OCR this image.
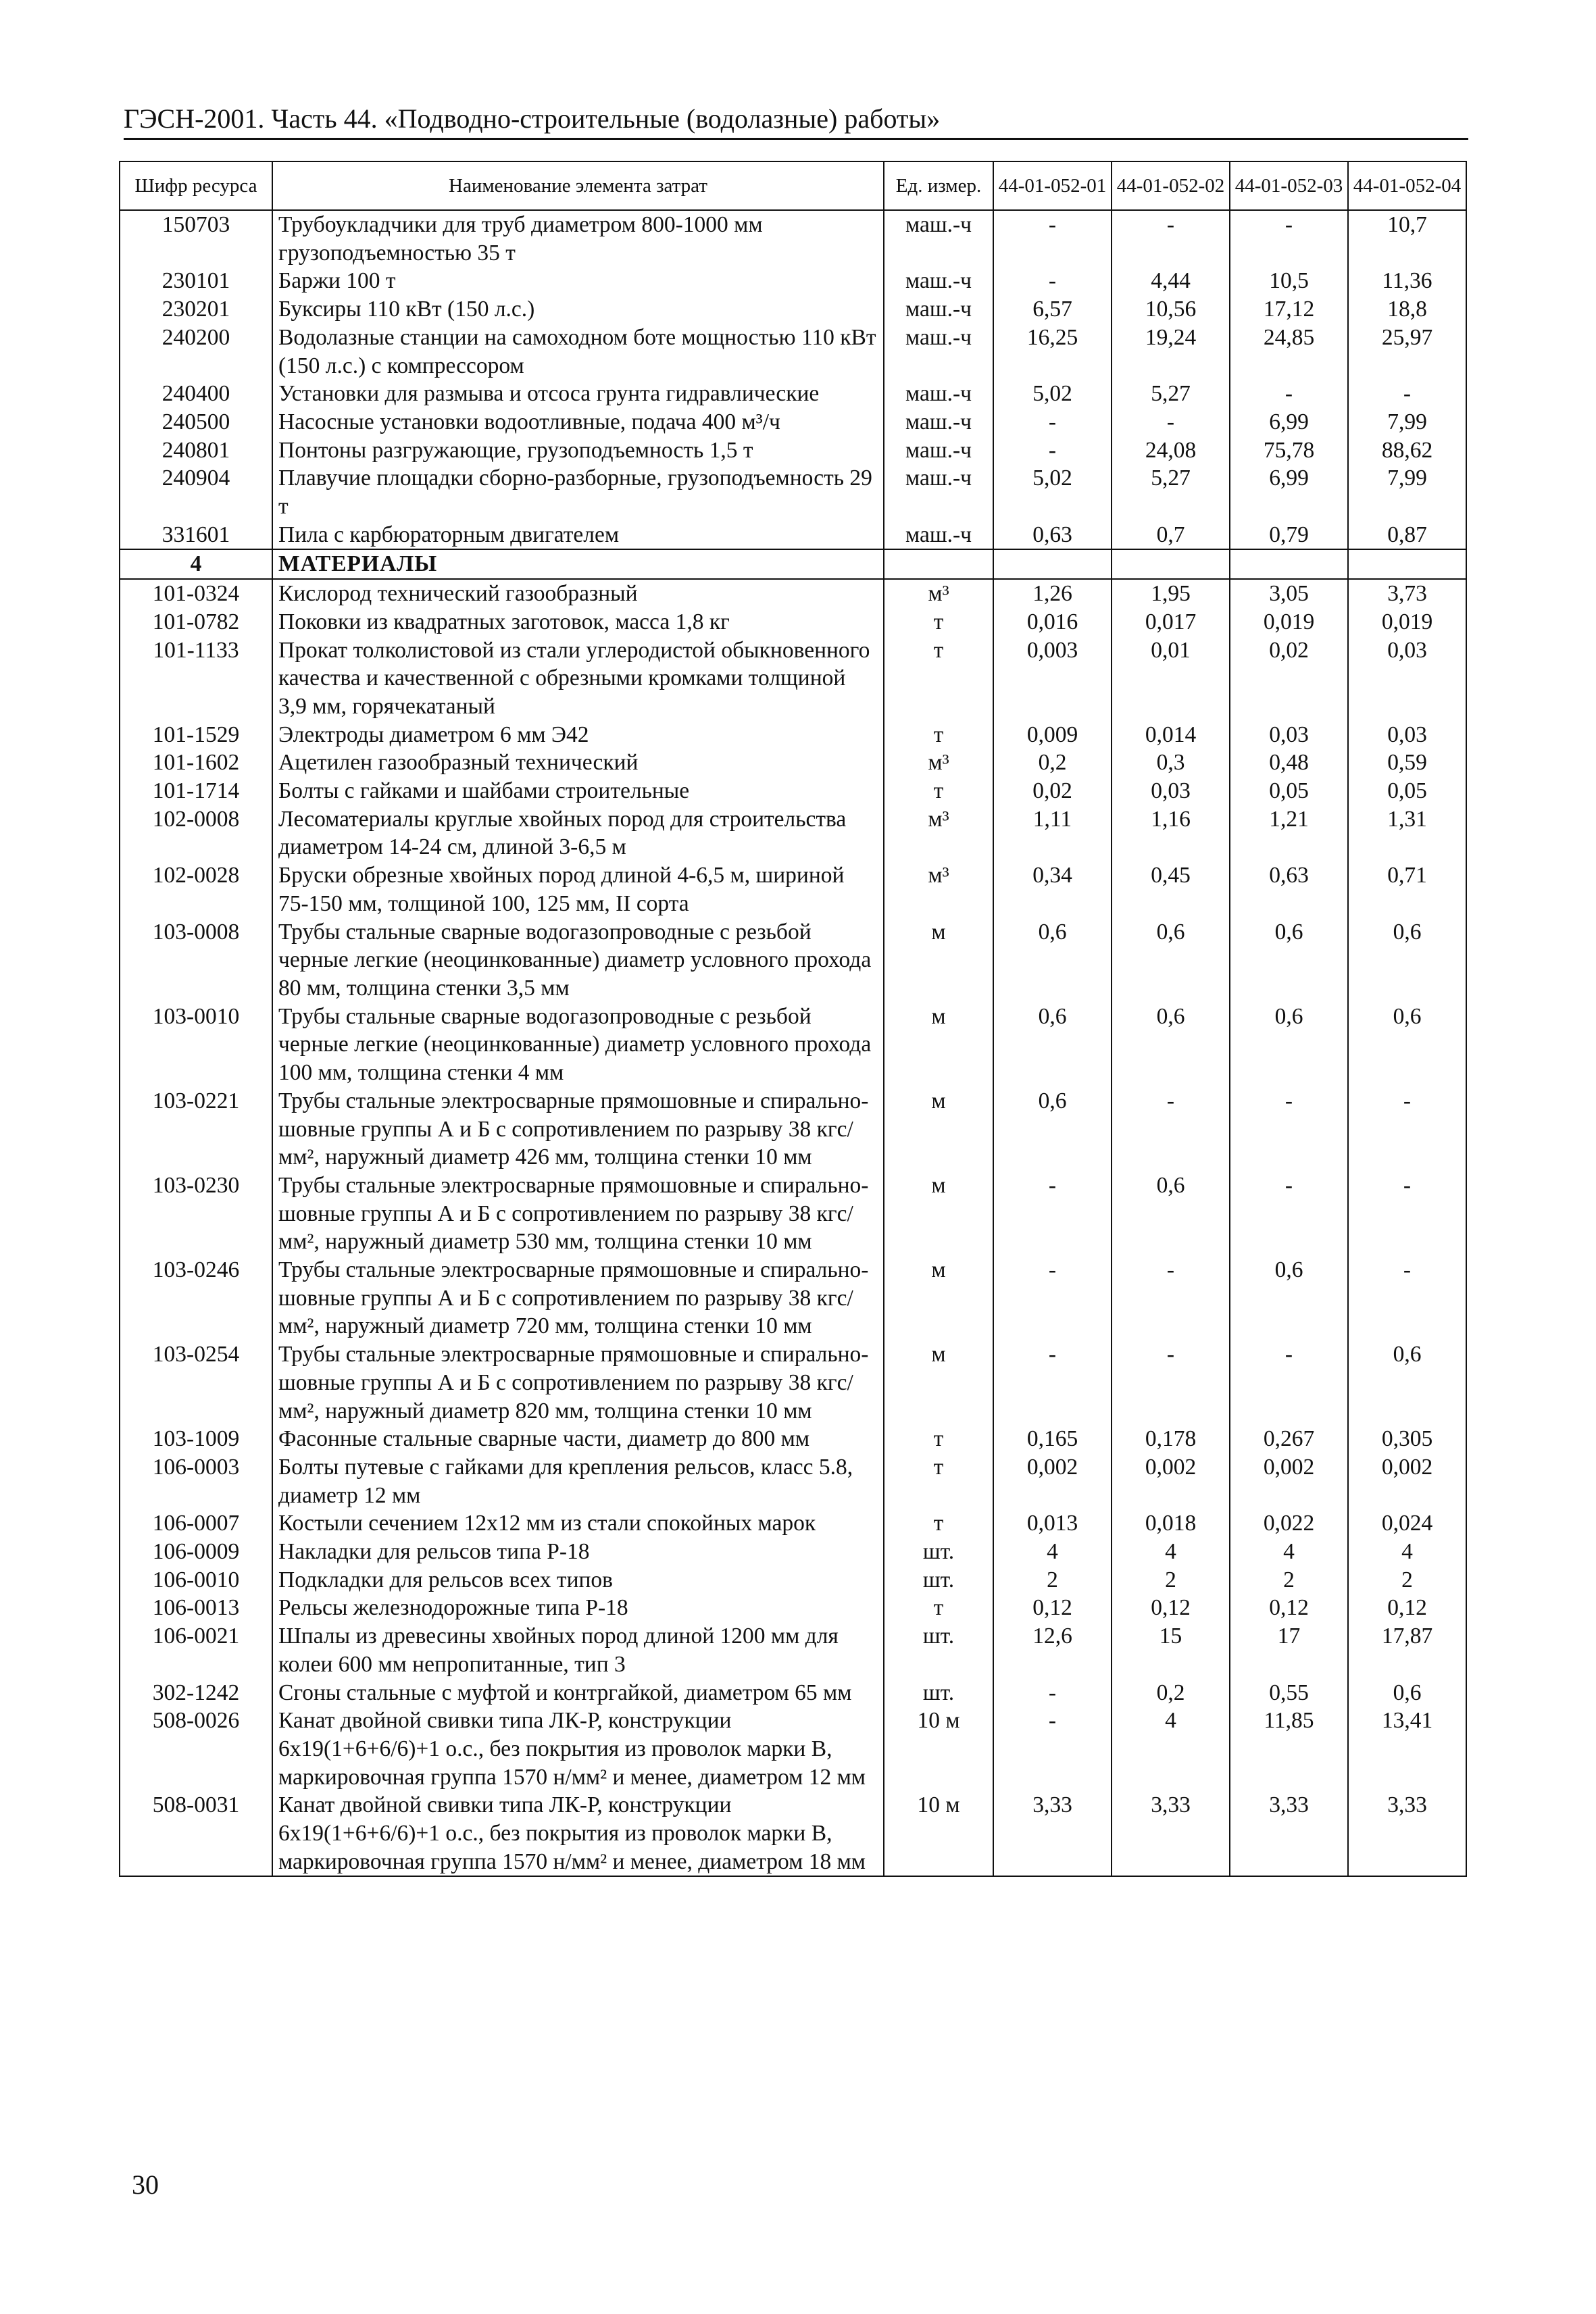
ГЭСН-2001. Часть 44. «Подводно-строительные (водолазные) работы»
Шифр ресурса	Наименование элемента затрат	Ед. измер.	44-01-052-01	44-01-052-02	44-01-052-03	44-01-052-04
150703	Трубоукладчики для труб диаметром 800-1000 мм грузоподъемностью 35 т	маш.-ч	-	-	-	10,7
230101	Баржи 100 т	маш.-ч	-	4,44	10,5	11,36
230201	Буксиры 110 кВт (150 л.с.)	маш.-ч	6,57	10,56	17,12	18,8
240200	Водолазные станции на самоходном боте мощностью 110 кВт (150 л.с.) с компрессором	маш.-ч	16,25	19,24	24,85	25,97
240400	Установки для размыва и отсоса грунта гидравлические	маш.-ч	5,02	5,27	-	-
240500	Насосные установки водоотливные, подача 400 м³/ч	маш.-ч	-	-	6,99	7,99
240801	Понтоны разгружающие, грузоподъемность 1,5 т	маш.-ч	-	24,08	75,78	88,62
240904	Плавучие площадки сборно-разборные, грузоподъемность 29 т	маш.-ч	5,02	5,27	6,99	7,99
331601	Пила с карбюраторным двигателем	маш.-ч	0,63	0,7	0,79	0,87
4	МАТЕРИАЛЫ					
101-0324	Кислород технический газообразный	м³	1,26	1,95	3,05	3,73
101-0782	Поковки из квадратных заготовок, масса 1,8 кг	т	0,016	0,017	0,019	0,019
101-1133	Прокат толколистовой из стали углеродистой обыкновенного качества и качественной с обрезными кромками толщиной 3,9 мм, горячекатаный	т	0,003	0,01	0,02	0,03
101-1529	Электроды диаметром 6 мм Э42	т	0,009	0,014	0,03	0,03
101-1602	Ацетилен газообразный технический	м³	0,2	0,3	0,48	0,59
101-1714	Болты с гайками и шайбами строительные	т	0,02	0,03	0,05	0,05
102-0008	Лесоматериалы круглые хвойных пород для строительства диаметром 14-24 см, длиной 3-6,5 м	м³	1,11	1,16	1,21	1,31
102-0028	Бруски обрезные хвойных пород длиной 4-6,5 м, шириной 75-150 мм, толщиной 100, 125 мм, II сорта	м³	0,34	0,45	0,63	0,71
103-0008	Трубы стальные сварные водогазопроводные с резьбой черные легкие (неоцинкованные) диаметр условного прохода 80 мм, толщина стенки 3,5 мм	м	0,6	0,6	0,6	0,6
103-0010	Трубы стальные сварные водогазопроводные с резьбой черные легкие (неоцинкованные) диаметр условного прохода 100 мм, толщина стенки 4 мм	м	0,6	0,6	0,6	0,6
103-0221	Трубы стальные электросварные прямошовные и спирально-шовные группы А и Б с сопротивлением по разрыву 38 кгс/мм², наружный диаметр 426 мм, толщина стенки 10 мм	м	0,6	-	-	-
103-0230	Трубы стальные электросварные прямошовные и спирально-шовные группы А и Б с сопротивлением по разрыву 38 кгс/мм², наружный диаметр 530 мм, толщина стенки 10 мм	м	-	0,6	-	-
103-0246	Трубы стальные электросварные прямошовные и спирально-шовные группы А и Б с сопротивлением по разрыву 38 кгс/мм², наружный диаметр 720 мм, толщина стенки 10 мм	м	-	-	0,6	-
103-0254	Трубы стальные электросварные прямошовные и спирально-шовные группы А и Б с сопротивлением по разрыву 38 кгс/мм², наружный диаметр 820 мм, толщина стенки 10 мм	м	-	-	-	0,6
103-1009	Фасонные стальные сварные части, диаметр до 800 мм	т	0,165	0,178	0,267	0,305
106-0003	Болты путевые с гайками для крепления рельсов, класс 5.8, диаметр 12 мм	т	0,002	0,002	0,002	0,002
106-0007	Костыли сечением 12х12 мм из стали спокойных марок	т	0,013	0,018	0,022	0,024
106-0009	Накладки для рельсов типа Р-18	шт.	4	4	4	4
106-0010	Подкладки для рельсов всех типов	шт.	2	2	2	2
106-0013	Рельсы железнодорожные типа Р-18	т	0,12	0,12	0,12	0,12
106-0021	Шпалы из древесины хвойных пород длиной 1200 мм для колеи 600 мм непропитанные, тип 3	шт.	12,6	15	17	17,87
302-1242	Сгоны стальные с муфтой и контргайкой, диаметром 65 мм	шт.	-	0,2	0,55	0,6
508-0026	Канат двойной свивки типа ЛК-Р, конструкции 6х19(1+6+6/6)+1 о.с., без покрытия из проволок марки В, маркировочная группа 1570 н/мм² и менее, диаметром 12 мм	10 м	-	4	11,85	13,41
508-0031	Канат двойной свивки типа ЛК-Р, конструкции 6х19(1+6+6/6)+1 о.с., без покрытия из проволок марки В, маркировочная группа 1570 н/мм² и менее, диаметром 18 мм	10 м	3,33	3,33	3,33	3,33
30
